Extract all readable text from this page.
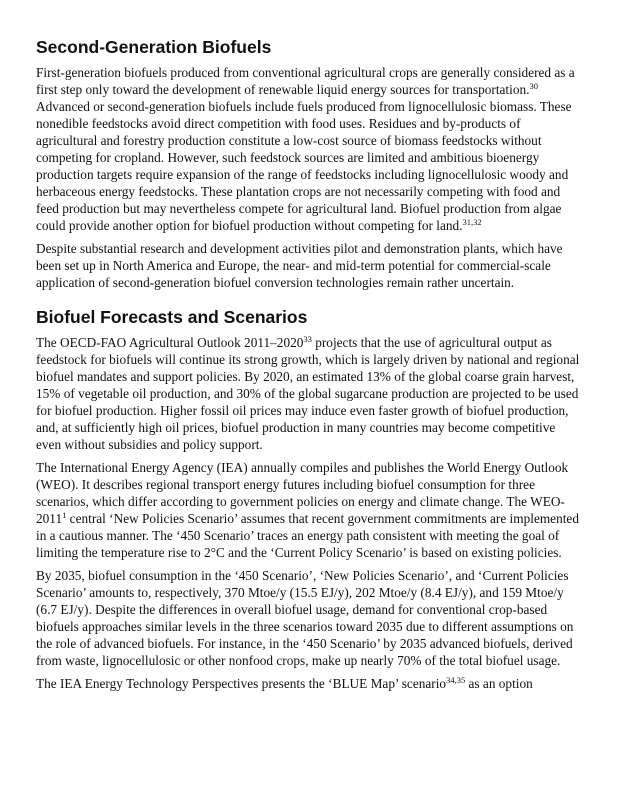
Second-Generation Biofuels

First-generation biofuels produced from conventional agricultural crops are generally considered as a first step only toward the development of renewable liquid energy sources for transportation.$^{30}$ Advanced or second-generation biofuels include fuels produced from lignocellulosic biomass. These nonedible feedstocks avoid direct competition with food uses. Residues and by-products of agricultural and forestry production constitute a low-cost source of biomass feedstocks without competing for cropland. However, such feedstock sources are limited and ambitious bioenergy production targets require expansion of the range of feedstocks including lignocellulosic woody and herbaceous energy feedstocks. These plantation crops are not necessarily competing with food and feed production but may nevertheless compete for agricultural land. Biofuel production from algae could provide another option for biofuel production without competing for land.$^{31,32}$

Despite substantial research and development activities pilot and demonstration plants, which have been set up in North America and Europe, the near- and mid-term potential for commercial-scale application of second-generation biofuel conversion technologies remain rather uncertain.

Biofuel Forecasts and Scenarios

The OECD-FAO Agricultural Outlook 2011–2020$^{33}$ projects that the use of agricultural output as feedstock for biofuels will continue its strong growth, which is largely driven by national and regional biofuel mandates and support policies. By 2020, an estimated 13% of the global coarse grain harvest, 15% of vegetable oil production, and 30% of the global sugarcane production are projected to be used for biofuel production. Higher fossil oil prices may induce even faster growth of biofuel production, and, at sufficiently high oil prices, biofuel production in many countries may become competitive even without subsidies and policy support.

The International Energy Agency (IEA) annually compiles and publishes the World Energy Outlook (WEO). It describes regional transport energy futures including biofuel consumption for three scenarios, which differ according to government policies on energy and climate change. The WEO-2011$^1$ central ‘New Policies Scenario’ assumes that recent government commitments are implemented in a cautious manner. The ‘450 Scenario’ traces an energy path consistent with meeting the goal of limiting the temperature rise to 2°C and the ‘Current Policy Scenario’ is based on existing policies.

By 2035, biofuel consumption in the ‘450 Scenario’, ‘New Policies Scenario’, and ‘Current Policies Scenario’ amounts to, respectively, 370 Mtoe/y (15.5 EJ/y), 202 Mtoe/y (8.4 EJ/y), and 159 Mtoe/y (6.7 EJ/y). Despite the differences in overall biofuel usage, demand for conventional crop-based biofuels approaches similar levels in the three scenarios toward 2035 due to different assumptions on the role of advanced biofuels. For instance, in the ‘450 Scenario’ by 2035 advanced biofuels, derived from waste, lignocellulosic or other nonfood crops, make up nearly 70% of the total biofuel usage.

The IEA Energy Technology Perspectives presents the ‘BLUE Map’ scenario$^{34,35}$ as an option
